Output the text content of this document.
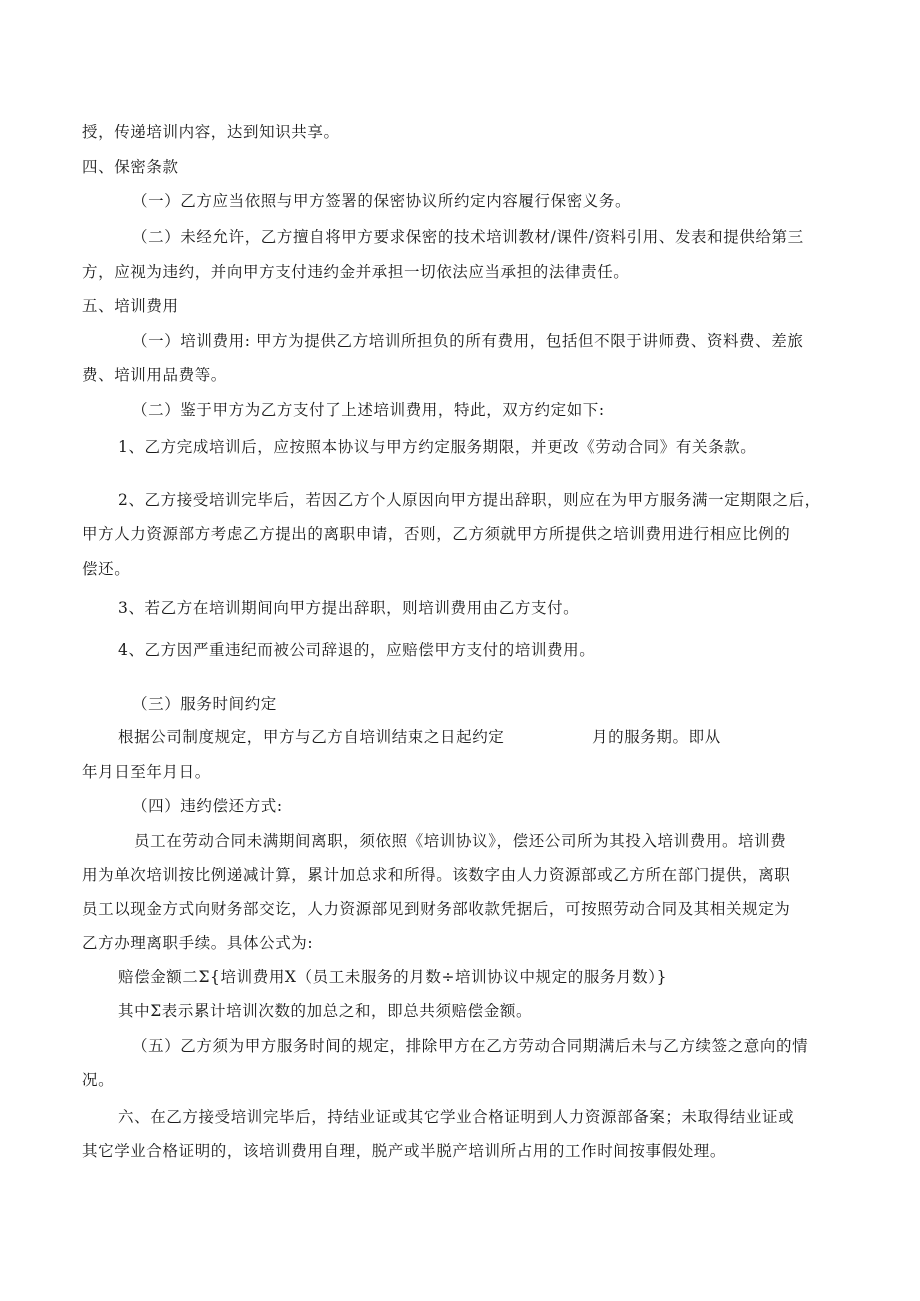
授，传递培训内容，达到知识共享。
四、保密条款
（一）乙方应当依照与甲方签署的保密协议所约定内容履行保密义务。
（二）未经允许，乙方擅自将甲方要求保密的技术培训教材/课件/资料引用、发表和提供给第三
方，应视为违约，并向甲方支付违约金并承担一切依法应当承担的法律责任。
五、培训费用
（一）培训费用: 甲方为提供乙方培训所担负的所有费用，包括但不限于讲师费、资料费、差旅
费、培训用品费等。
（二）鉴于甲方为乙方支付了上述培训费用，特此，双方约定如下:
1、乙方完成培训后，应按照本协议与甲方约定服务期限，并更改《劳动合同》有关条款。
2、乙方接受培训完毕后，若因乙方个人原因向甲方提出辞职，则应在为甲方服务满一定期限之后，
甲方人力资源部方考虑乙方提出的离职申请，否则，乙方须就甲方所提供之培训费用进行相应比例的
偿还。
3、若乙方在培训期间向甲方提出辞职，则培训费用由乙方支付。
4、乙方因严重违纪而被公司辞退的，应赔偿甲方支付的培训费用。
（三）服务时间约定
根据公司制度规定，甲方与乙方自培训结束之日起约定	月的服务期。即从
年月日至年月日。
（四）违约偿还方式:
员工在劳动合同未满期间离职，须依照《培训协议》，偿还公司所为其投入培训费用。培训费
用为单次培训按比例递减计算，累计加总求和所得。该数字由人力资源部或乙方所在部门提供，离职
员工以现金方式向财务部交讫，人力资源部见到财务部收款凭据后，可按照劳动合同及其相关规定为
乙方办理离职手续。具体公式为:
赔偿金额二Σ{培训费用X（员工未服务的月数÷培训协议中规定的服务月数）}
其中Σ表示累计培训次数的加总之和，即总共须赔偿金额。
（五）乙方须为甲方服务时间的规定，排除甲方在乙方劳动合同期满后未与乙方续签之意向的情
况。
六、在乙方接受培训完毕后，持结业证或其它学业合格证明到人力资源部备案；未取得结业证或
其它学业合格证明的，该培训费用自理，脱产或半脱产培训所占用的工作时间按事假处理。
